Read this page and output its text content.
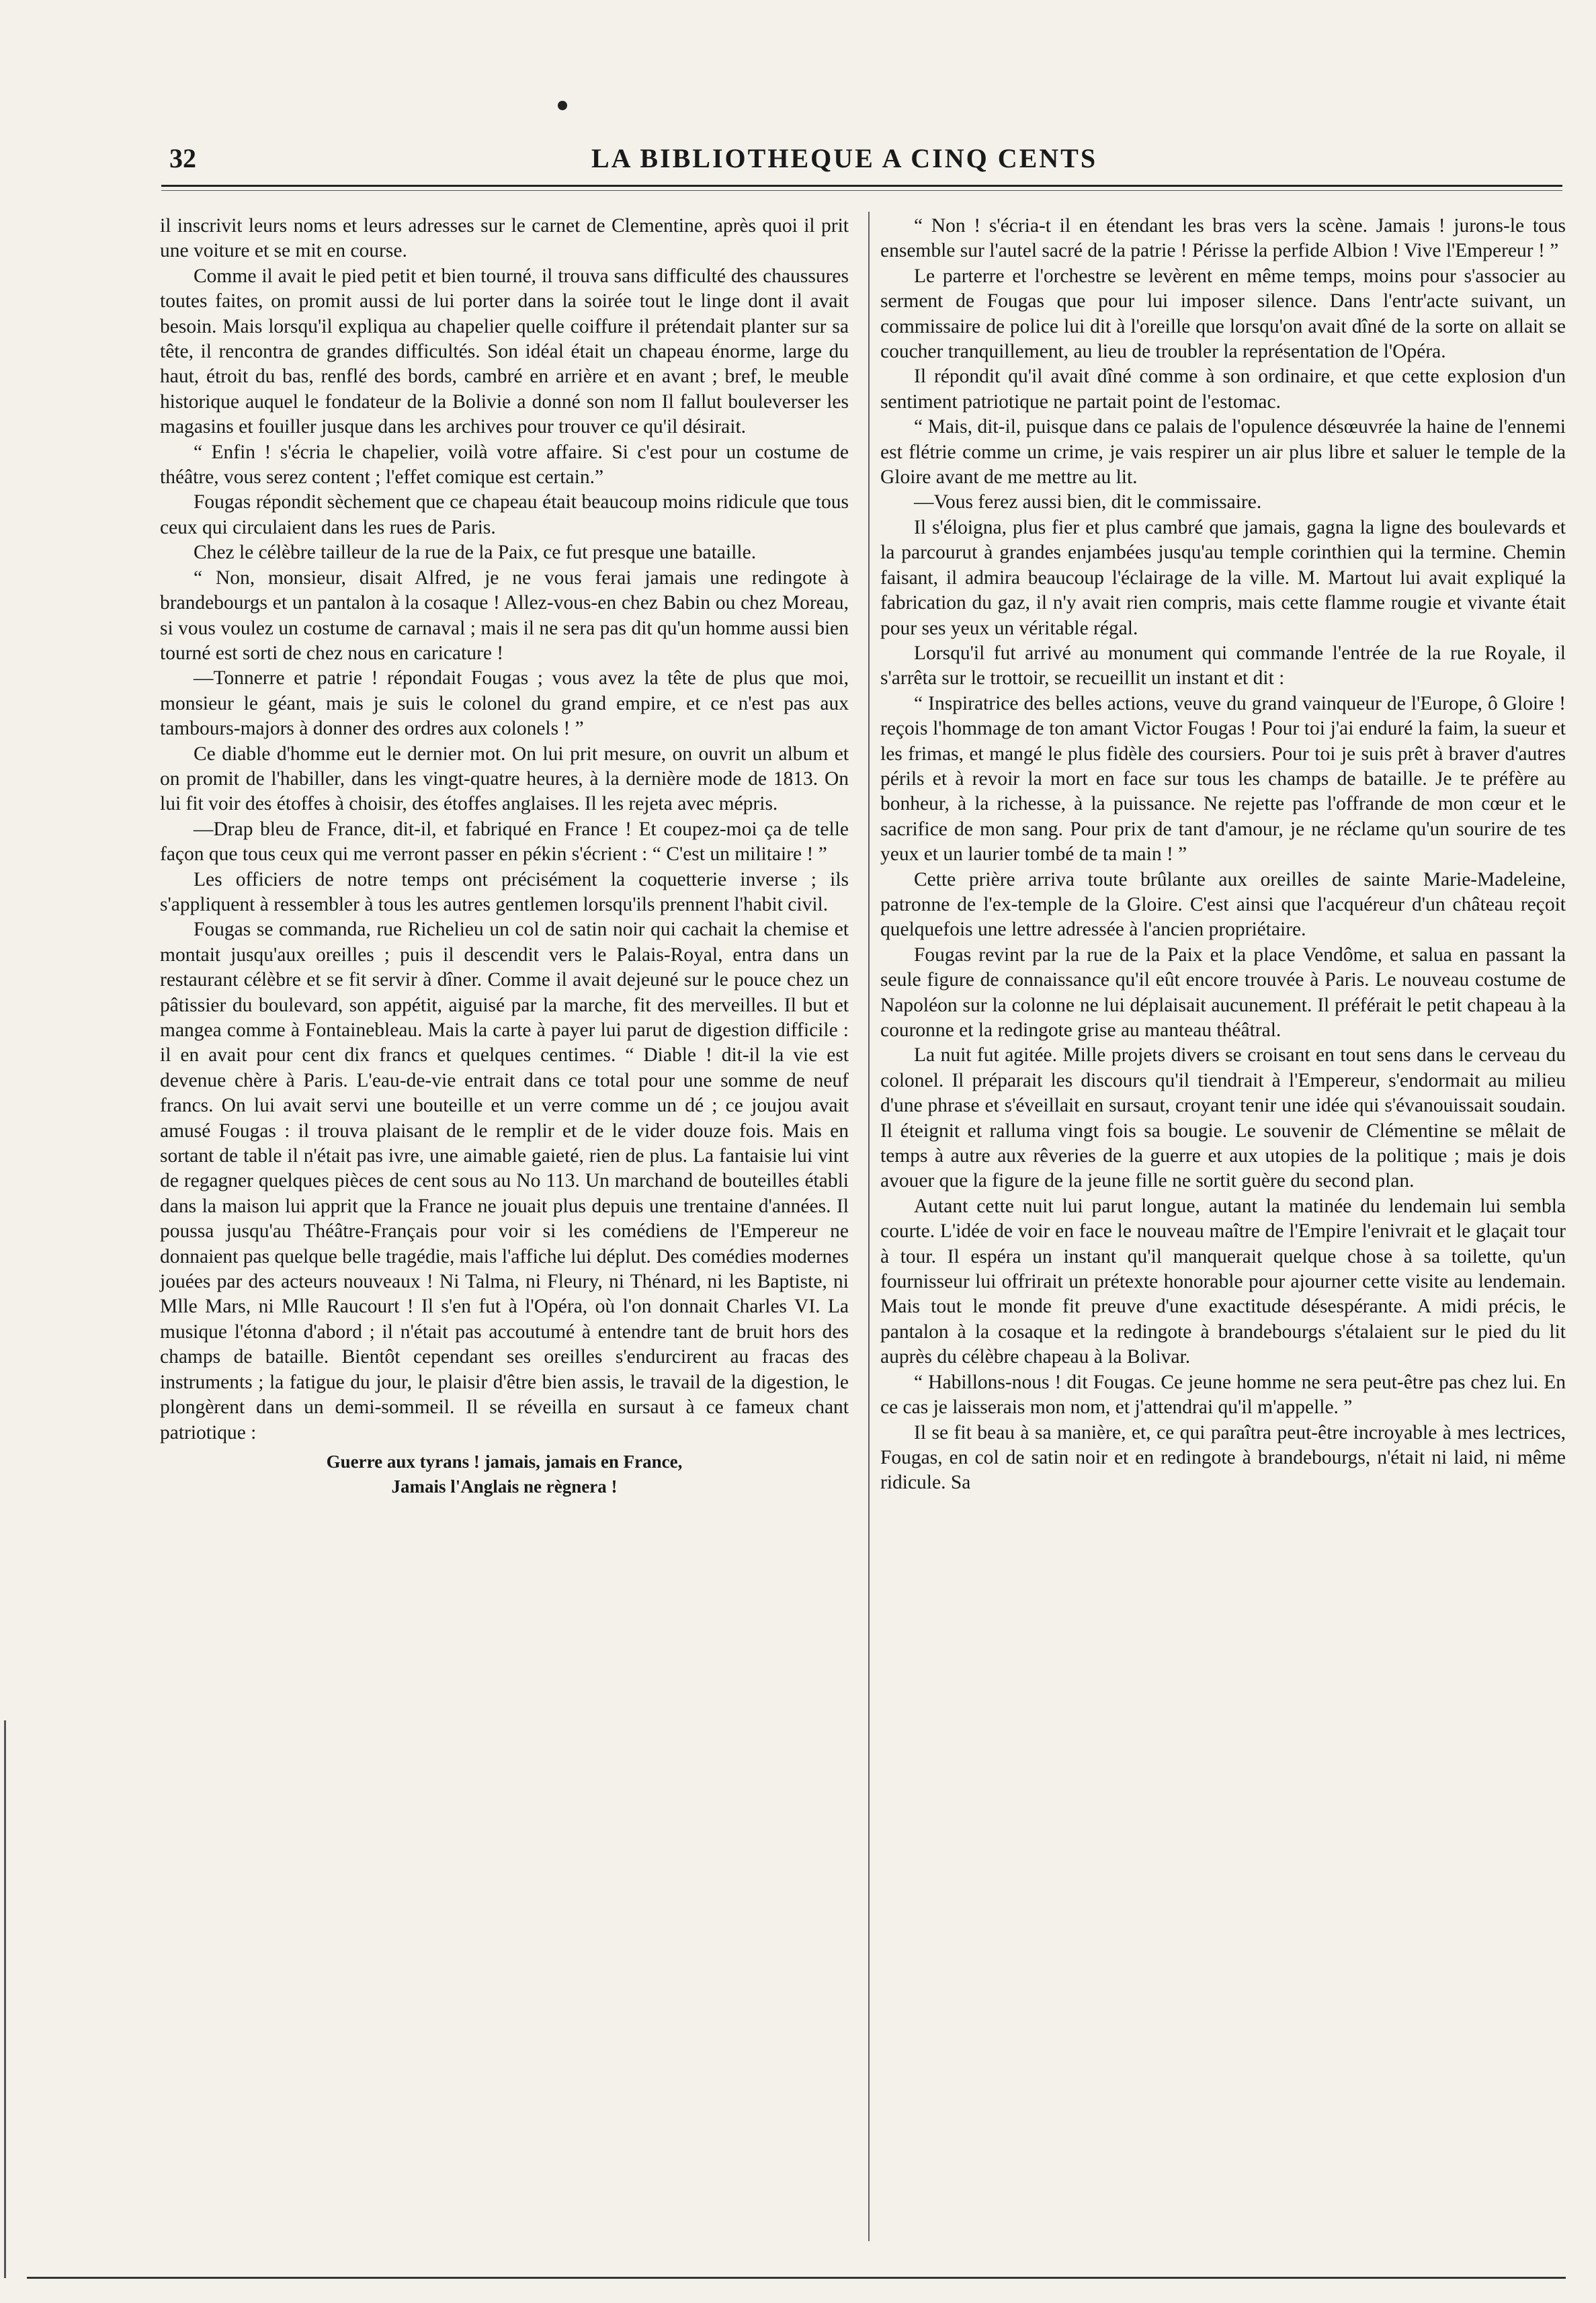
32	LA BIBLIOTHEQUE A CINQ CENTS

il inscrivit leurs noms et leurs adresses sur le carnet de Clementine, après quoi il prit une voiture et se mit en course.

Comme il avait le pied petit et bien tourné, il trouva sans difficulté des chaussures toutes faites, on promit aussi de lui porter dans la soirée tout le linge dont il avait besoin. Mais lorsqu'il expliqua au chapelier quelle coiffure il prétendait planter sur sa tête, il rencontra de grandes difficultés. Son idéal était un chapeau énorme, large du haut, étroit du bas, renflé des bords, cambré en arrière et en avant ; bref, le meuble historique auquel le fondateur de la Bolivie a donné son nom Il fallut bouleverser les magasins et fouiller jusque dans les archives pour trouver ce qu'il désirait.

“ Enfin ! s'écria le chapelier, voilà votre affaire. Si c'est pour un costume de théâtre, vous serez content ; l'effet comique est certain.”

Fougas répondit sèchement que ce chapeau était beaucoup moins ridicule que tous ceux qui circulaient dans les rues de Paris.

Chez le célèbre tailleur de la rue de la Paix, ce fut presque une bataille.

“ Non, monsieur, disait Alfred, je ne vous ferai jamais une redingote à brandebourgs et un pantalon à la cosaque ! Allez-vous-en chez Babin ou chez Moreau, si vous voulez un costume de carnaval ; mais il ne sera pas dit qu'un homme aussi bien tourné est sorti de chez nous en caricature !

—Tonnerre et patrie ! répondait Fougas ; vous avez la tête de plus que moi, monsieur le géant, mais je suis le colonel du grand empire, et ce n'est pas aux tambours-majors à donner des ordres aux colonels ! ”

Ce diable d'homme eut le dernier mot. On lui prit mesure, on ouvrit un album et on promit de l'habiller, dans les vingt-quatre heures, à la dernière mode de 1813. On lui fit voir des étoffes à choisir, des étoffes anglaises. Il les rejeta avec mépris.

—Drap bleu de France, dit-il, et fabriqué en France ! Et coupez-moi ça de telle façon que tous ceux qui me verront passer en pékin s'écrient : “ C'est un militaire ! ”

Les officiers de notre temps ont précisément la coquetterie inverse ; ils s'appliquent à ressembler à tous les autres gentlemen lorsqu'ils prennent l'habit civil.

Fougas se commanda, rue Richelieu un col de satin noir qui cachait la chemise et montait jusqu'aux oreilles ; puis il descendit vers le Palais-Royal, entra dans un restaurant célèbre et se fit servir à dîner. Comme il avait dejeuné sur le pouce chez un pâtissier du boulevard, son appétit, aiguisé par la marche, fit des merveilles. Il but et mangea comme à Fontainebleau. Mais la carte à payer lui parut de digestion difficile : il en avait pour cent dix francs et quelques centimes. “ Diable ! dit-il la vie est devenue chère à Paris. L'eau-de-vie entrait dans ce total pour une somme de neuf francs. On lui avait servi une bouteille et un verre comme un dé ; ce joujou avait amusé Fougas : il trouva plaisant de le remplir et de le vider douze fois. Mais en sortant de table il n'était pas ivre, une aimable gaieté, rien de plus. La fantaisie lui vint de regagner quelques pièces de cent sous au No 113. Un marchand de bouteilles établi dans la maison lui apprit que la France ne jouait plus depuis une trentaine d'années. Il poussa jusqu'au Théâtre-Français pour voir si les comédiens de l'Empereur ne donnaient pas quelque belle tragédie, mais l'affiche lui déplut. Des comédies modernes jouées par des acteurs nouveaux ! Ni Talma, ni Fleury, ni Thénard, ni les Baptiste, ni Mlle Mars, ni Mlle Raucourt ! Il s'en fut à l'Opéra, où l'on donnait Charles VI. La musique l'étonna d'abord ; il n'était pas accoutumé à entendre tant de bruit hors des champs de bataille. Bientôt cependant ses oreilles s'endurcirent au fracas des instruments ; la fatigue du jour, le plaisir d'être bien assis, le travail de la digestion, le plongèrent dans un demi-sommeil. Il se réveilla en sursaut à ce fameux chant patriotique :

Guerre aux tyrans ! jamais, jamais en France,
Jamais l'Anglais ne règnera !

“ Non ! s'écria-t il en étendant les bras vers la scène. Jamais ! jurons-le tous ensemble sur l'autel sacré de la patrie ! Périsse la perfide Albion ! Vive l'Empereur ! ”

Le parterre et l'orchestre se levèrent en même temps, moins pour s'associer au serment de Fougas que pour lui imposer silence. Dans l'entr'acte suivant, un commissaire de police lui dit à l'oreille que lorsqu'on avait dîné de la sorte on allait se coucher tranquillement, au lieu de troubler la représentation de l'Opéra.

Il répondit qu'il avait dîné comme à son ordinaire, et que cette explosion d'un sentiment patriotique ne partait point de l'estomac.

“ Mais, dit-il, puisque dans ce palais de l'opulence désœuvrée la haine de l'ennemi est flétrie comme un crime, je vais respirer un air plus libre et saluer le temple de la Gloire avant de me mettre au lit.

—Vous ferez aussi bien, dit le commissaire.

Il s'éloigna, plus fier et plus cambré que jamais, gagna la ligne des boulevards et la parcourut à grandes enjambées jusqu'au temple corinthien qui la termine. Chemin faisant, il admira beaucoup l'éclairage de la ville. M. Martout lui avait expliqué la fabrication du gaz, il n'y avait rien compris, mais cette flamme rougie et vivante était pour ses yeux un véritable régal.

Lorsqu'il fut arrivé au monument qui commande l'entrée de la rue Royale, il s'arrêta sur le trottoir, se recueillit un instant et dit :

“ Inspiratrice des belles actions, veuve du grand vainqueur de l'Europe, ô Gloire ! reçois l'hommage de ton amant Victor Fougas ! Pour toi j'ai enduré la faim, la sueur et les frimas, et mangé le plus fidèle des coursiers. Pour toi je suis prêt à braver d'autres périls et à revoir la mort en face sur tous les champs de bataille. Je te préfère au bonheur, à la richesse, à la puissance. Ne rejette pas l'offrande de mon cœur et le sacrifice de mon sang. Pour prix de tant d'amour, je ne réclame qu'un sourire de tes yeux et un laurier tombé de ta main ! ”

Cette prière arriva toute brûlante aux oreilles de sainte Marie-Madeleine, patronne de l'ex-temple de la Gloire. C'est ainsi que l'acquéreur d'un château reçoit quelquefois une lettre adressée à l'ancien propriétaire.

Fougas revint par la rue de la Paix et la place Vendôme, et salua en passant la seule figure de connaissance qu'il eût encore trouvée à Paris. Le nouveau costume de Napoléon sur la colonne ne lui déplaisait aucunement. Il préférait le petit chapeau à la couronne et la redingote grise au manteau théâtral.

La nuit fut agitée. Mille projets divers se croisant en tout sens dans le cerveau du colonel. Il préparait les discours qu'il tiendrait à l'Empereur, s'endormait au milieu d'une phrase et s'éveillait en sursaut, croyant tenir une idée qui s'évanouissait soudain. Il éteignit et ralluma vingt fois sa bougie. Le souvenir de Clémentine se mêlait de temps à autre aux rêveries de la guerre et aux utopies de la politique ; mais je dois avouer que la figure de la jeune fille ne sortit guère du second plan.

Autant cette nuit lui parut longue, autant la matinée du lendemain lui sembla courte. L'idée de voir en face le nouveau maître de l'Empire l'enivrait et le glaçait tour à tour. Il espéra un instant qu'il manquerait quelque chose à sa toilette, qu'un fournisseur lui offrirait un prétexte honorable pour ajourner cette visite au lendemain. Mais tout le monde fit preuve d'une exactitude désespérante. A midi précis, le pantalon à la cosaque et la redingote à brandebourgs s'étalaient sur le pied du lit auprès du célèbre chapeau à la Bolivar.

“ Habillons-nous ! dit Fougas. Ce jeune homme ne sera peut-être pas chez lui. En ce cas je laisserais mon nom, et j'attendrai qu'il m'appelle. ”

Il se fit beau à sa manière, et, ce qui paraîtra peut-être incroyable à mes lectrices, Fougas, en col de satin noir et en redingote à brandebourgs, n'était ni laid, ni même ridicule. Sa
